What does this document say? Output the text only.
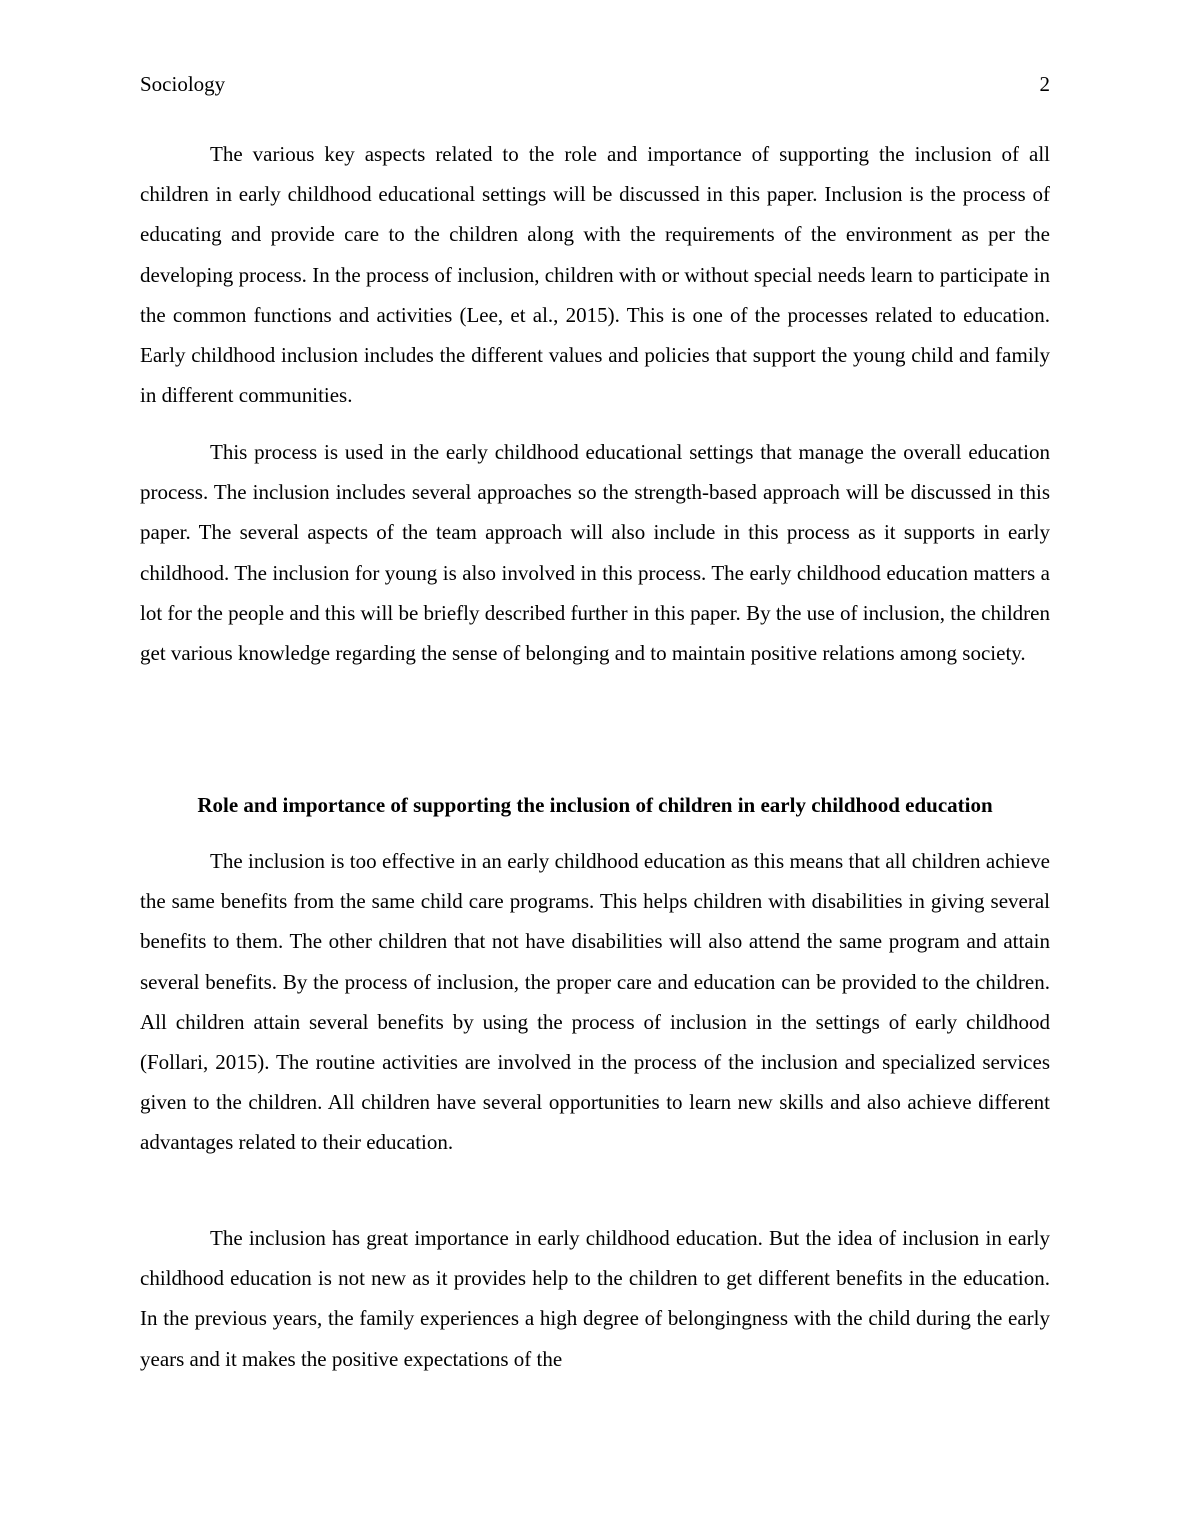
Sociology	2

The various key aspects related to the role and importance of supporting the inclusion of all children in early childhood educational settings will be discussed in this paper. Inclusion is the process of educating and provide care to the children along with the requirements of the environment as per the developing process. In the process of inclusion, children with or without special needs learn to participate in the common functions and activities (Lee, et al., 2015). This is one of the processes related to education. Early childhood inclusion includes the different values and policies that support the young child and family in different communities.

This process is used in the early childhood educational settings that manage the overall education process. The inclusion includes several approaches so the strength-based approach will be discussed in this paper. The several aspects of the team approach will also include in this process as it supports in early childhood. The inclusion for young is also involved in this process. The early childhood education matters a lot for the people and this will be briefly described further in this paper. By the use of inclusion, the children get various knowledge regarding the sense of belonging and to maintain positive relations among society.

Role and importance of supporting the inclusion of children in early childhood education

The inclusion is too effective in an early childhood education as this means that all children achieve the same benefits from the same child care programs. This helps children with disabilities in giving several benefits to them. The other children that not have disabilities will also attend the same program and attain several benefits. By the process of inclusion, the proper care and education can be provided to the children. All children attain several benefits by using the process of inclusion in the settings of early childhood (Follari, 2015). The routine activities are involved in the process of the inclusion and specialized services given to the children. All children have several opportunities to learn new skills and also achieve different advantages related to their education.

The inclusion has great importance in early childhood education. But the idea of inclusion in early childhood education is not new as it provides help to the children to get different benefits in the education. In the previous years, the family experiences a high degree of belongingness with the child during the early years and it makes the positive expectations of the
